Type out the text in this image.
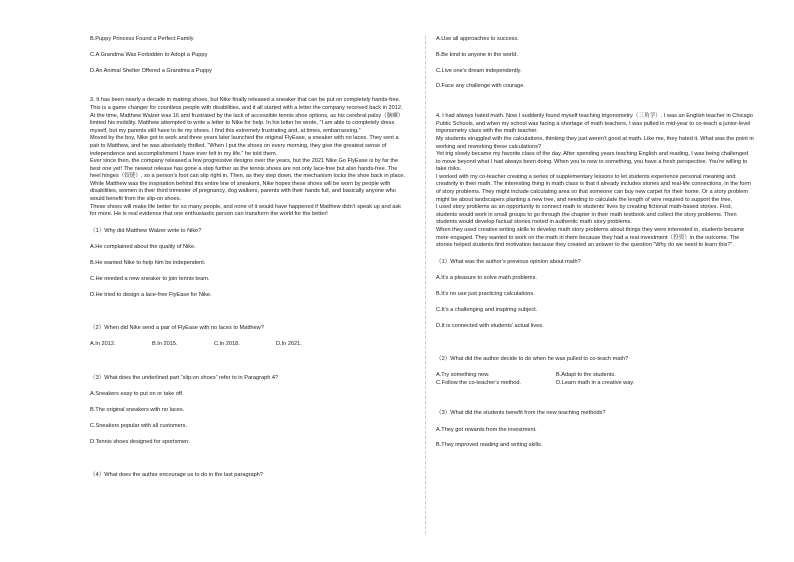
B.Puppy Princess Found a Perfect Family

C.A Grandma Was Forbidden to Adopt a Puppy

D.An Animal Shelter Offered a Grandma a Puppy

3. It has been nearly a decade in making shoes, but Nike finally released a sneaker that can be put on completely hands-free. This is a game changer for countless people with disabilities, and it all started with a letter the company received back in 2012.

At the time, Matthew Walzer was 16 and frustrated by the lack of accessible tennis shoe options, as his cerebral palsy（脑瘫）limited his mobility. Matthew attempted to write a letter to Nike for help. In his letter he wrote, “I am able to completely dress myself, but my parents still have to tie my shoes. I find this extremely frustrating and, at times, embarrassing.”

Moved by the boy, Nike got to work and three years later launched the original FlyEase, a sneaker with no laces. They sent a pair to Matthew, and he was absolutely thrilled. “When I put the shoes on every morning, they give the greatest sense of independence and accomplishment I have ever felt in my life.” he told them.

Ever since then, the company released a few progressive designs over the years, but the 2021 Nike Go FlyEase is by far the best one yet! The newest release has gone a step further as the tennis shoes are not only lace-free but also hands-free. The heel hinges（铰链）, so a person’s foot can slip right in. Then, as they step down, the mechanism locks the shoe back in place.

While Matthew was the inspiration behind this entire line of sneakers, Nike hopes these shoes will be worn by people with disabilities, women in their third trimester of pregnancy, dog walkers, parents with their hands full, and basically anyone who would benefit from the slip-on shoes.

These shoes will make life better for so many people, and none of it would have happened if Matthew didn’t speak up and ask for more. He is real evidence that one enthusiastic person can transform the world for the better!

（1）Why did Matthew Walzer write to Nike?

A.He complained about the quality of Nike.

B.He wanted Nike to help him be independent.

C.He needed a new sneaker to join tennis team.

D.He tried to design a lace-free FlyEase for Nike.

（2）When did Nike send a pair of FlyEase with no laces to Matthew?

A.In 2012.	B.In 2015.	C.In 2018.	D.In 2021.

（3）What does the underlined part “slip-on shoes” refer to in Paragraph 4?

A.Sneakers easy to put on or take off.

B.The original sneakers with no laces.

C.Sneakers popular with all customers.

D.Tennis shoes designed for sportsmen.

（4）What does the author encourage us to do in the last paragraph?

A.Use all approaches to success.

B.Be kind to anyone in the world.

C.Live one’s dream independently.

D.Face any challenge with courage.

4. I had always hated math. Now I suddenly found myself teaching trigonometry（三角学）. I was an English teacher in Chicago Public Schools, and when my school was facing a shortage of math teachers, I was pulled in mid-year to co-teach a junior-level trigonometry class with the math teacher.

My students struggled with the calculations, thinking they just weren’t good at math. Like me, they hated it. What was the point in working and reworking these calculations?

Yet trig slowly became my favorite class of the day. After spending years teaching English and reading, I was being challenged to move beyond what I had always been doing. When you’re new to something, you have a fresh perspective. You’re willing to take risks.

I worked with my co-teacher creating a series of supplementary lessons to let students experience personal meaning and creativity in their math. The interesting thing in math class is that it already includes stories and real-life connections, in the form of story problems. They might include calculating area so that someone can buy new carpet for their home. Or a story problem might be about landscapers planting a new tree, and needing to calculate the length of wire required to support the tree.

I used story problems as an opportunity to connect math to students’ lives by creating fictional math-based stories. First, students would work in small groups to go through the chapter in their math textbook and collect the story problems. Then students would develop factual stories rooted in authentic math story problems.

When they used creative writing skills to develop math story problems about things they were interested in, students became more engaged. They wanted to work on the math in them because they had a real investment（投资）in the outcome. The stories helped students find motivation because they created an answer to the question “Why do we need to learn this?”.

（1）What was the author’s previous opinion about math?

A.It’s a pleasure to solve math problems.

B.It’s no use just practicing calculations.

C.It’s a challenging and inspiring subject.

D.It is connected with students’ actual lives.

（2）What did the author decide to do when he was pulled to co-teach math?

A.Try something new.	B.Adapt to the students.
C.Follow the co-teacher’s method.	D.Learn math in a creative way.

（3）What did the students benefit from the new teaching methods?

A.They got rewards from the investment.

B.They improved reading and writing skills.
